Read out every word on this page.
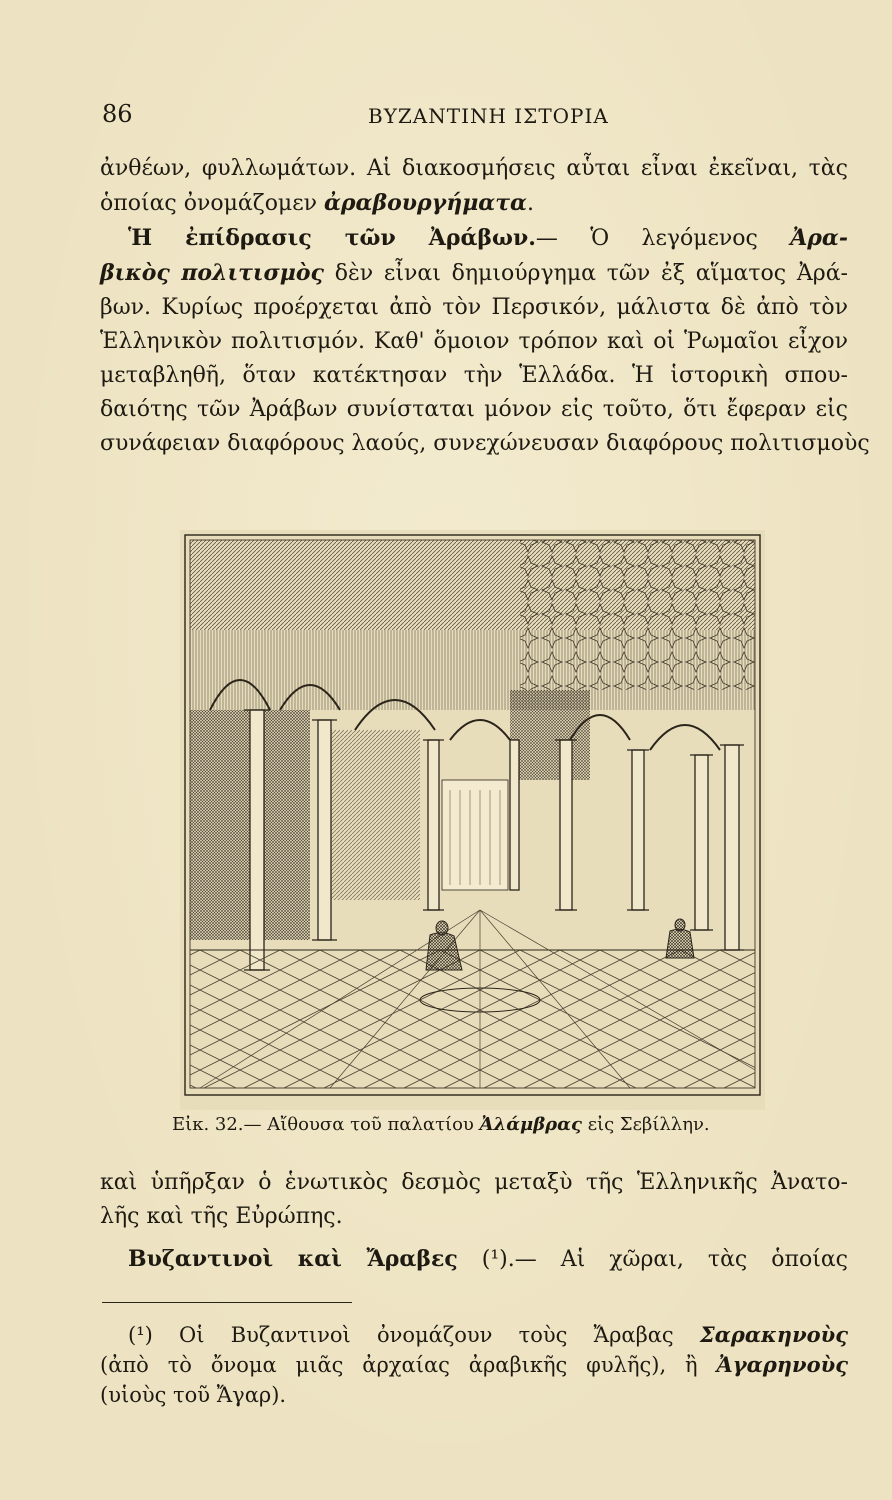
86	ΒΥΖΑΝΤΙΝΗ ΙΣΤΟΡΙΑ
ἀνθέων, φυλλωμάτων. Αἱ διακοσμήσεις αὗται εἶναι ἐκεῖναι, τὰς
ὁποίας ὀνομάζομεν ἀραβουργήματα.
Ἡ ἐπίδρασις τῶν Ἀράβων.— Ὁ λεγόμενος Ἀρα-
βικὸς πολιτισμὸς δὲν εἶναι δημιούργημα τῶν ἐξ αἵματος Ἀρά-
βων. Κυρίως προέρχεται ἀπὸ τὸν Περσικόν, μάλιστα δὲ ἀπὸ τὸν
Ἑλληνικὸν πολιτισμόν. Καθ' ὅμοιον τρόπον καὶ οἱ Ῥωμαῖοι εἶχον
μεταβληθῆ, ὅταν κατέκτησαν τὴν Ἑλλάδα. Ἡ ἱστορικὴ σπου-
δαιότης τῶν Ἀράβων συνίσταται μόνον εἰς τοῦτο, ὅτι ἔφεραν εἰς
συνάφειαν διαφόρους λαούς, συνεχώνευσαν διαφόρους πολιτισμοὺς
Εἰκ. 32.— Αἴθουσα τοῦ παλατίου Ἀλάμβρας εἰς Σεβίλλην.
καὶ ὑπῆρξαν ὁ ἑνωτικὸς δεσμὸς μεταξὺ τῆς Ἑλληνικῆς Ἀνατο-
λῆς καὶ τῆς Εὐρώπης.
Βυζαντινοὶ καὶ Ἄραβες (¹).— Αἱ χῶραι, τὰς ὁποίας
(¹) Οἱ Βυζαντινοὶ ὀνομάζουν τοὺς Ἄραβας Σαρακηνοὺς
(ἀπὸ τὸ ὄνομα μιᾶς ἀρχαίας ἀραβικῆς φυλῆς), ἢ Ἀγαρηνοὺς
(υἱοὺς τοῦ Ἄγαρ).
